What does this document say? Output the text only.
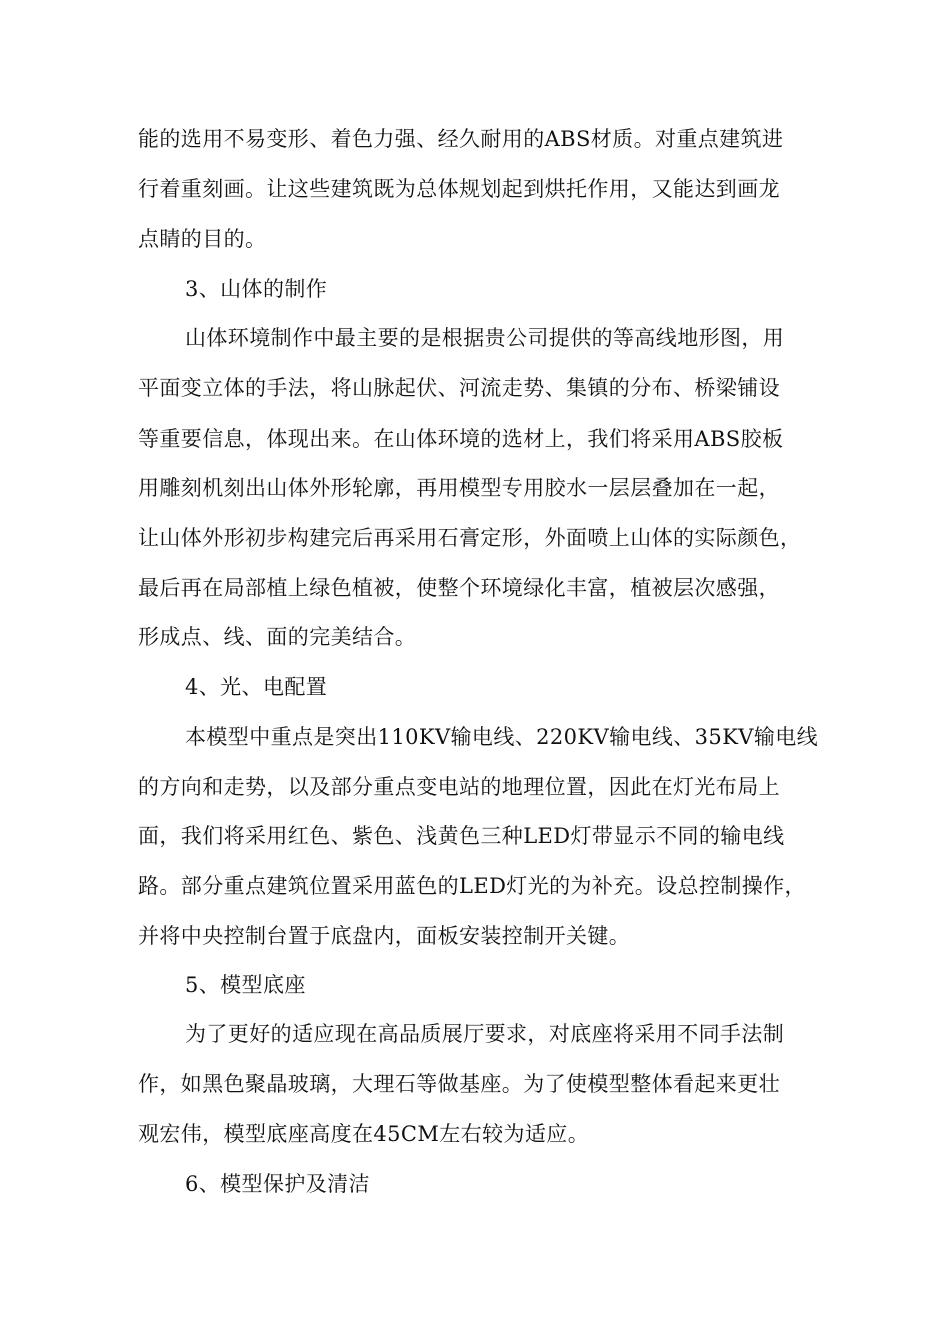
能的选用不易变形、着色力强、经久耐用的ABS材质。对重点建筑进
行着重刻画。让这些建筑既为总体规划起到烘托作用，又能达到画龙
点睛的目的。
3、山体的制作
山体环境制作中最主要的是根据贵公司提供的等高线地形图，用
平面变立体的手法，将山脉起伏、河流走势、集镇的分布、桥梁铺设
等重要信息，体现出来。在山体环境的选材上，我们将采用ABS胶板
用雕刻机刻出山体外形轮廓，再用模型专用胶水一层层叠加在一起，
让山体外形初步构建完后再采用石膏定形，外面喷上山体的实际颜色，
最后再在局部植上绿色植被，使整个环境绿化丰富，植被层次感强，
形成点、线、面的完美结合。
4、光、电配置
本模型中重点是突出110KV输电线、220KV输电线、35KV输电线
的方向和走势，以及部分重点变电站的地理位置，因此在灯光布局上
面，我们将采用红色、紫色、浅黄色三种LED灯带显示不同的输电线
路。部分重点建筑位置采用蓝色的LED灯光的为补充。设总控制操作，
并将中央控制台置于底盘内，面板安装控制开关键。
5、模型底座
为了更好的适应现在高品质展厅要求，对底座将采用不同手法制
作，如黑色聚晶玻璃，大理石等做基座。为了使模型整体看起来更壮
观宏伟，模型底座高度在45CM左右较为适应。
6、模型保护及清洁
